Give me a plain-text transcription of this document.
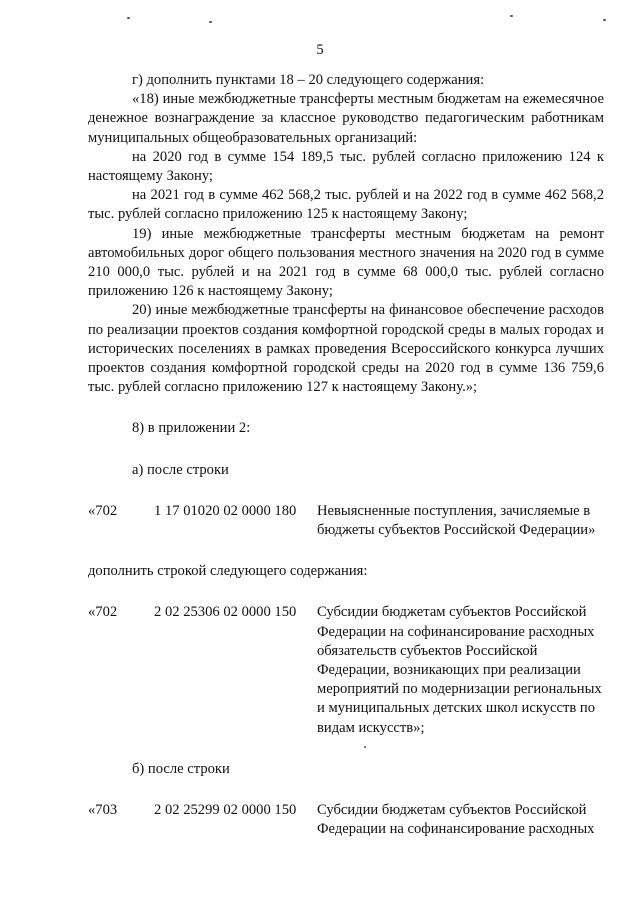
5

г) дополнить пунктами 18 – 20 следующего содержания:

«18) иные межбюджетные трансферты местным бюджетам на ежемесячное денежное вознаграждение за классное руководство педагогическим работникам муниципальных общеобразовательных организаций:

на 2020 год в сумме 154 189,5 тыс. рублей согласно приложению 124 к настоящему Закону;

на 2021 год в сумме 462 568,2 тыс. рублей и на 2022 год в сумме 462 568,2 тыс. рублей согласно приложению 125 к настоящему Закону;

19) иные межбюджетные трансферты местным бюджетам на ремонт автомобильных дорог общего пользования местного значения на 2020 год в сумме 210 000,0 тыс. рублей и на 2021 год в сумме 68 000,0 тыс. рублей согласно приложению 126 к настоящему Закону;

20) иные межбюджетные трансферты на финансовое обеспечение расходов по реализации проектов создания комфортной городской среды в малых городах и исторических поселениях в рамках проведения Всероссийского конкурса лучших проектов создания комфортной городской среды на 2020 год в сумме 136 759,6 тыс. рублей согласно приложению 127 к настоящему Закону.»;

8) в приложении 2:

а) после строки

«702	1 17 01020 02 0000 180	Невыясненные поступления, зачисляемые в бюджеты субъектов Российской Федерации»

дополнить строкой следующего содержания:

«702	2 02 25306 02 0000 150	Субсидии бюджетам субъектов Российской Федерации на софинансирование расходных обязательств субъектов Российской Федерации, возникающих при реализации мероприятий по модернизации региональных и муниципальных детских школ искусств по видам искусств»;

б) после строки

«703	2 02 25299 02 0000 150	Субсидии бюджетам субъектов Российской Федерации на софинансирование расходных
